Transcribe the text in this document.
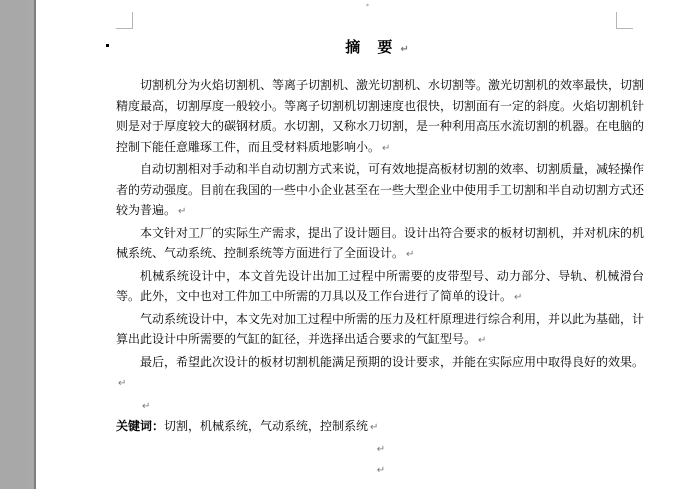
*

摘 要 ↵

切割机分为火焰切割机、等离子切割机、激光切割机、水切割等。激光切割机的效率最快，切割精度最高，切割厚度一般较小。等离子切割机切割速度也很快，切割面有一定的斜度。火焰切割机针则是对于厚度较大的碳钢材质。水切割，又称水刀切割，是一种利用高压水流切割的机器。在电脑的控制下能任意雕琢工件，而且受材料质地影响小。 ↵

自动切割相对手动和半自动切割方式来说，可有效地提高板材切割的效率、切割质量，减轻操作者的劳动强度。目前在我国的一些中小企业甚至在一些大型企业中使用手工切割和半自动切割方式还较为普遍。 ↵

本文针对工厂的实际生产需求，提出了设计题目。设计出符合要求的板材切割机，并对机床的机械系统、气动系统、控制系统等方面进行了全面设计。 ↵

机械系统设计中，本文首先设计出加工过程中所需要的皮带型号、动力部分、导轨、机械滑台等。此外，文中也对工件加工中所需的刀具以及工作台进行了简单的设计。 ↵

气动系统设计中，本文先对加工过程中所需的压力及杠杆原理进行综合利用，并以此为基础，计算出此设计中所需要的气缸的缸径，并选择出适合要求的气缸型号。 ↵

最后，希望此次设计的板材切割机能满足预期的设计要求，并能在实际应用中取得良好的效果。↵

↵

关键词：切割，机械系统，气动系统，控制系统 ↵

↵

↵
